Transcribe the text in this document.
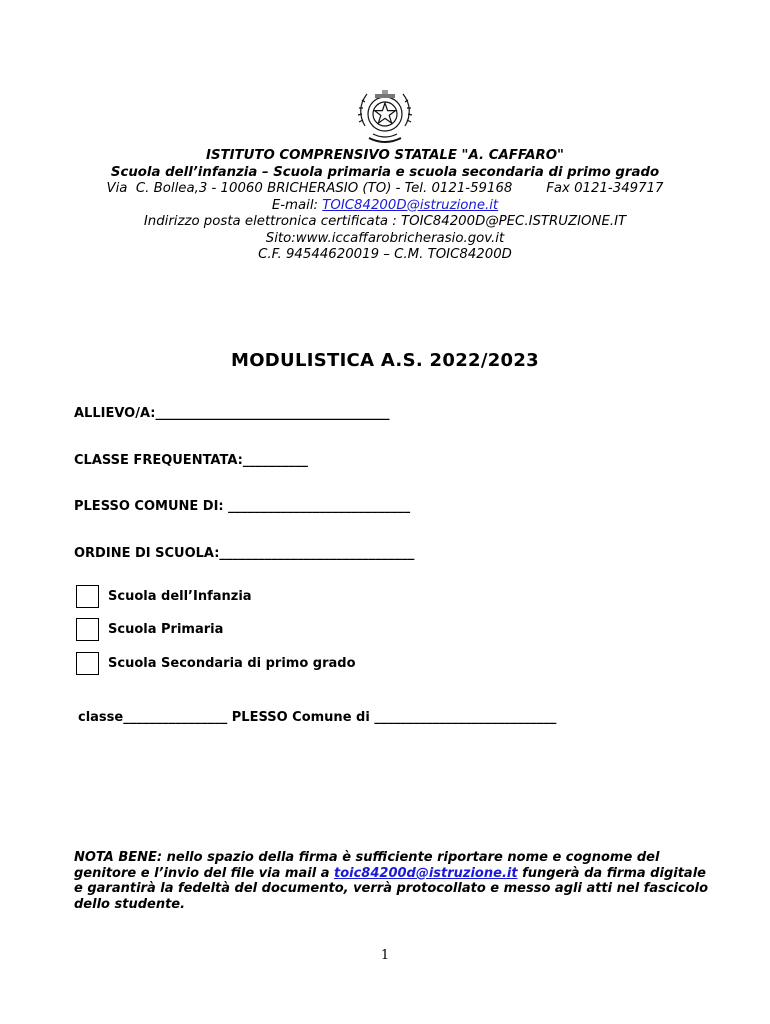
ISTITUTO COMPRENSIVO STATALE "A. CAFFARO"
Scuola dell’infanzia – Scuola primaria e scuola secondaria di primo grado
Via  C. Bollea,3 - 10060 BRICHERASIO (TO) - Tel. 0121-59168        Fax 0121-349717
E-mail: TOIC84200D@istruzione.it
Indirizzo posta elettronica certificata : TOIC84200D@PEC.ISTRUZIONE.IT
Sito:www.iccaffarobricherasio.gov.it
C.F. 94544620019 – C.M. TOIC84200D
MODULISTICA A.S. 2022/2023
ALLIEVO/A:____________________________________
CLASSE FREQUENTATA:__________
PLESSO COMUNE DI: ____________________________
ORDINE DI SCUOLA:______________________________
Scuola dell’Infanzia
Scuola Primaria
Scuola Secondaria di primo grado
classe________________ PLESSO Comune di ____________________________
NOTA BENE: nello spazio della firma è sufficiente riportare nome e cognome del genitore e l’invio del file via mail a toic84200d@istruzione.it fungerà da firma digitale e garantirà la fedeltà del documento, verrà protocollato e messo agli atti nel fascicolo dello studente.
1
